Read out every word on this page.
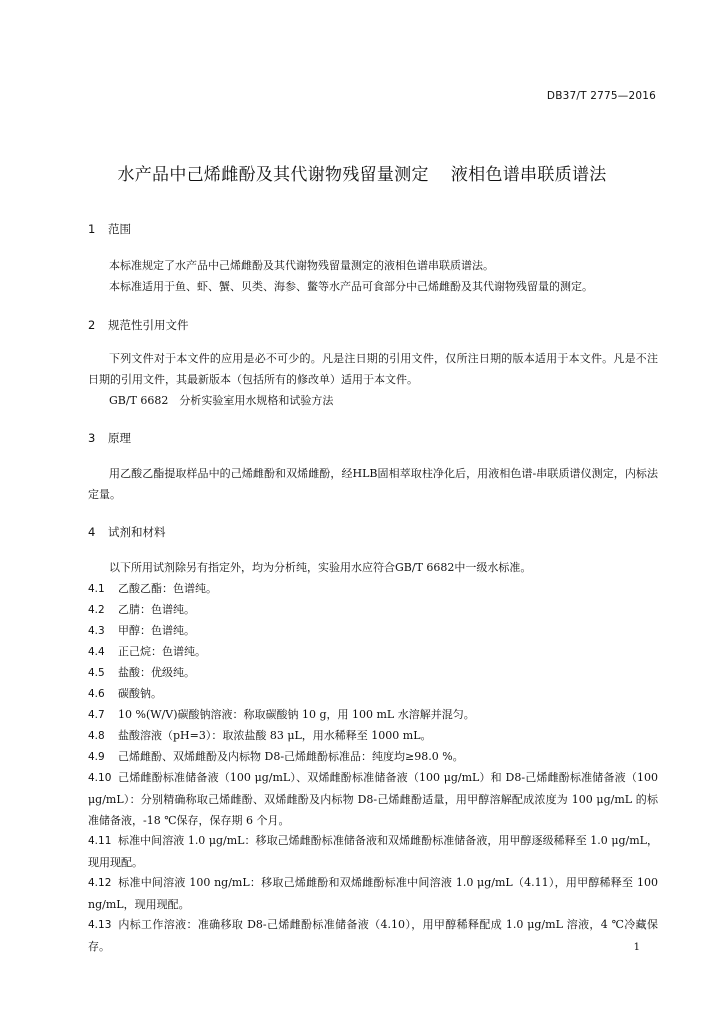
DB37/T 2775—2016
水产品中己烯雌酚及其代谢物残留量测定 液相色谱串联质谱法
1 范围
本标准规定了水产品中己烯雌酚及其代谢物残留量测定的液相色谱串联质谱法。
本标准适用于鱼、虾、蟹、贝类、海参、鳖等水产品可食部分中己烯雌酚及其代谢物残留量的测定。
2 规范性引用文件
下列文件对于本文件的应用是必不可少的。凡是注日期的引用文件，仅所注日期的版本适用于本文件。凡是不注日期的引用文件，其最新版本（包括所有的修改单）适用于本文件。
GB/T 6682　分析实验室用水规格和试验方法
3 原理
用乙酸乙酯提取样品中的己烯雌酚和双烯雌酚，经HLB固相萃取柱净化后，用液相色谱-串联质谱仪测定，内标法定量。
4 试剂和材料
以下所用试剂除另有指定外，均为分析纯，实验用水应符合GB/T 6682中一级水标准。
4.1 乙酸乙酯：色谱纯。
4.2 乙腈：色谱纯。
4.3 甲醇：色谱纯。
4.4 正己烷：色谱纯。
4.5 盐酸：优级纯。
4.6 碳酸钠。
4.7 10 %(W/V)碳酸钠溶液：称取碳酸钠 10 g，用 100 mL 水溶解并混匀。
4.8 盐酸溶液（pH=3）：取浓盐酸 83 μL，用水稀释至 1000 mL。
4.9 己烯雌酚、双烯雌酚及内标物 D8-己烯雌酚标准品：纯度均≥98.0 %。
4.10 己烯雌酚标准储备液（100 μg/mL）、双烯雌酚标准储备液（100 μg/mL）和 D8-己烯雌酚标准储备液（100 μg/mL）：分别精确称取己烯雌酚、双烯雌酚及内标物 D8-己烯雌酚适量，用甲醇溶解配成浓度为 100 μg/mL 的标准储备液，-18 ℃保存，保存期 6 个月。
4.11 标准中间溶液 1.0 μg/mL：移取己烯雌酚标准储备液和双烯雌酚标准储备液，用甲醇逐级稀释至 1.0 μg/mL，现用现配。
4.12 标准中间溶液 100 ng/mL：移取己烯雌酚和双烯雌酚标准中间溶液 1.0 μg/mL（4.11），用甲醇稀释至 100 ng/mL，现用现配。
4.13 内标工作溶液：准确移取 D8-己烯雌酚标准储备液（4.10），用甲醇稀释配成 1.0 μg/mL 溶液，4 ℃冷藏保存。	1
